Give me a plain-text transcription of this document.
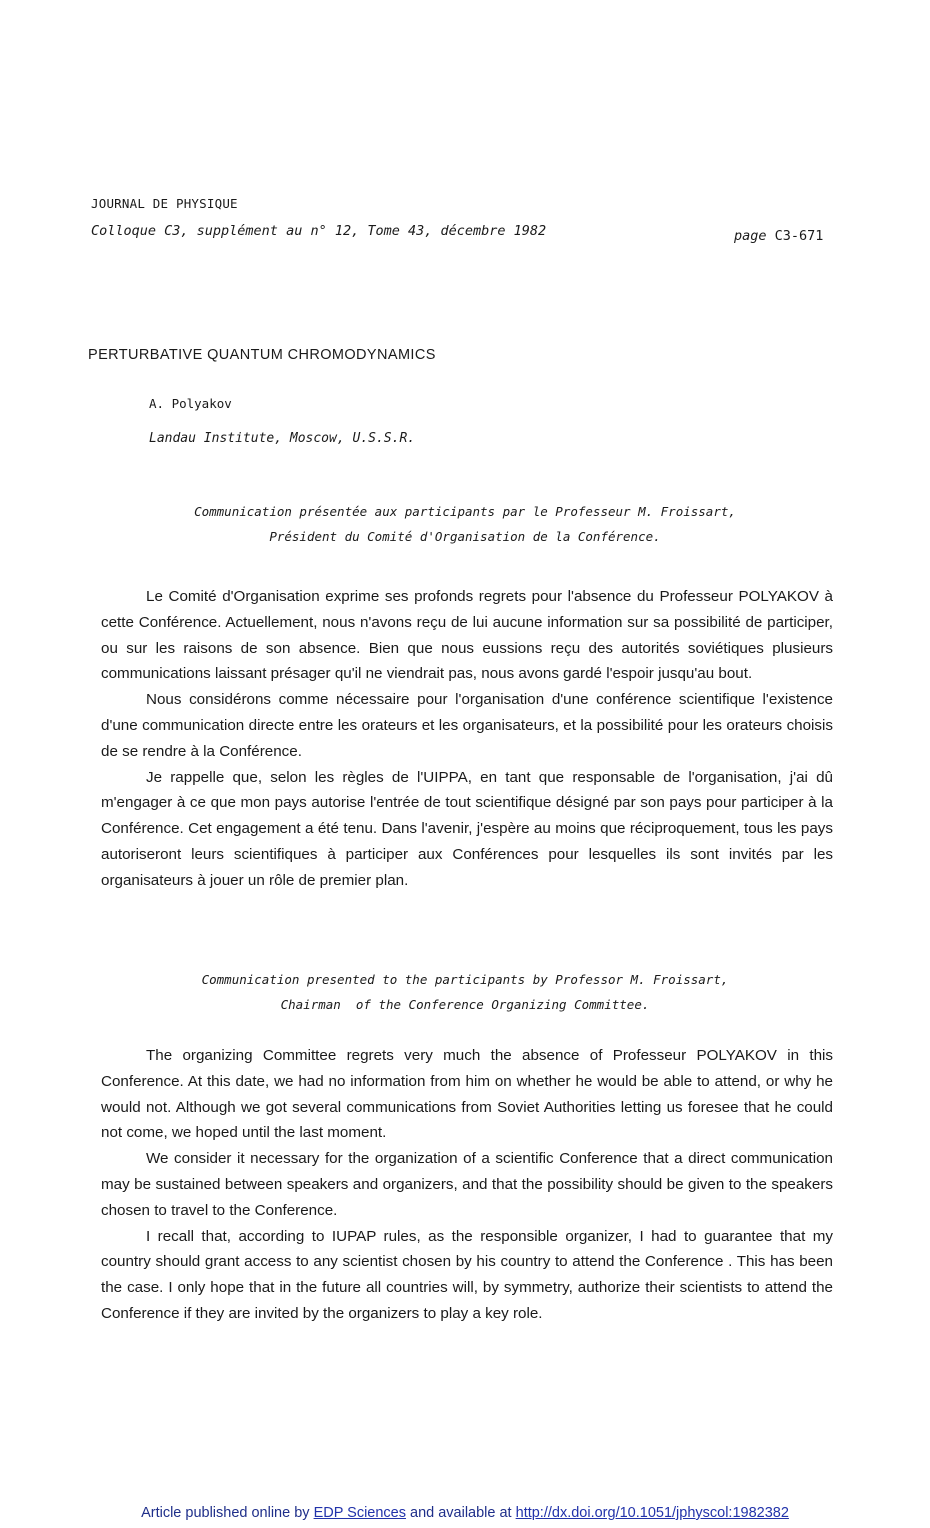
JOURNAL DE PHYSIQUE
Colloque C3, supplément au n° 12, Tome 43, décembre 1982	page C3-671
PERTURBATIVE QUANTUM CHROMODYNAMICS
A. Polyakov
Landau Institute, Moscow, U.S.S.R.
Communication présentée aux participants par le Professeur M. Froissart,
Président du Comité d'Organisation de la Conférence.

Le Comité d'Organisation exprime ses profonds regrets pour l'absence du Professeur POLYAKOV à cette Conférence. Actuellement, nous n'avons reçu de lui aucune information sur sa possibilité de participer, ou sur les raisons de son absence. Bien que nous eussions reçu des autorités soviétiques plusieurs communications laissant présager qu'il ne viendrait pas, nous avons gardé l'espoir jusqu'au bout.

Nous considérons comme nécessaire pour l'organisation d'une conférence scientifique l'existence d'une communication directe entre les orateurs et les organisateurs, et la possibilité pour les orateurs choisis de se rendre à la Conférence.

Je rappelle que, selon les règles de l'UIPPA, en tant que responsable de l'organisation, j'ai dû m'engager à ce que mon pays autorise l'entrée de tout scientifique désigné par son pays pour participer à la Conférence. Cet engagement a été tenu. Dans l'avenir, j'espère au moins que réciproquement, tous les pays autoriseront leurs scientifiques à participer aux Conférences pour lesquelles ils sont invités par les organisateurs à jouer un rôle de premier plan.

Communication presented to the participants by Professor M. Froissart,
Chairman  of the Conference Organizing Committee.

The organizing Committee regrets very much the absence of Professeur POLYAKOV in this Conference. At this date, we had no information from him on whether he would be able to attend, or why he would not. Although we got several communications from Soviet Authorities letting us foresee that he could not come, we hoped until the last moment.

We consider it necessary for the organization of a scientific Conference that a direct communication may be sustained between speakers and organizers, and that the possibility should be given to the speakers chosen to travel to the Conference.

I recall that, according to IUPAP rules, as the responsible organizer, I had to guarantee that my country should grant access to any scientist chosen by his country to attend the Conference . This has been the case. I only hope that in the future all countries will, by symmetry, authorize their scientists to attend the Conference if they are invited by the organizers to play a key role.

Article published online by EDP Sciences and available at http://dx.doi.org/10.1051/jphyscol:1982382
